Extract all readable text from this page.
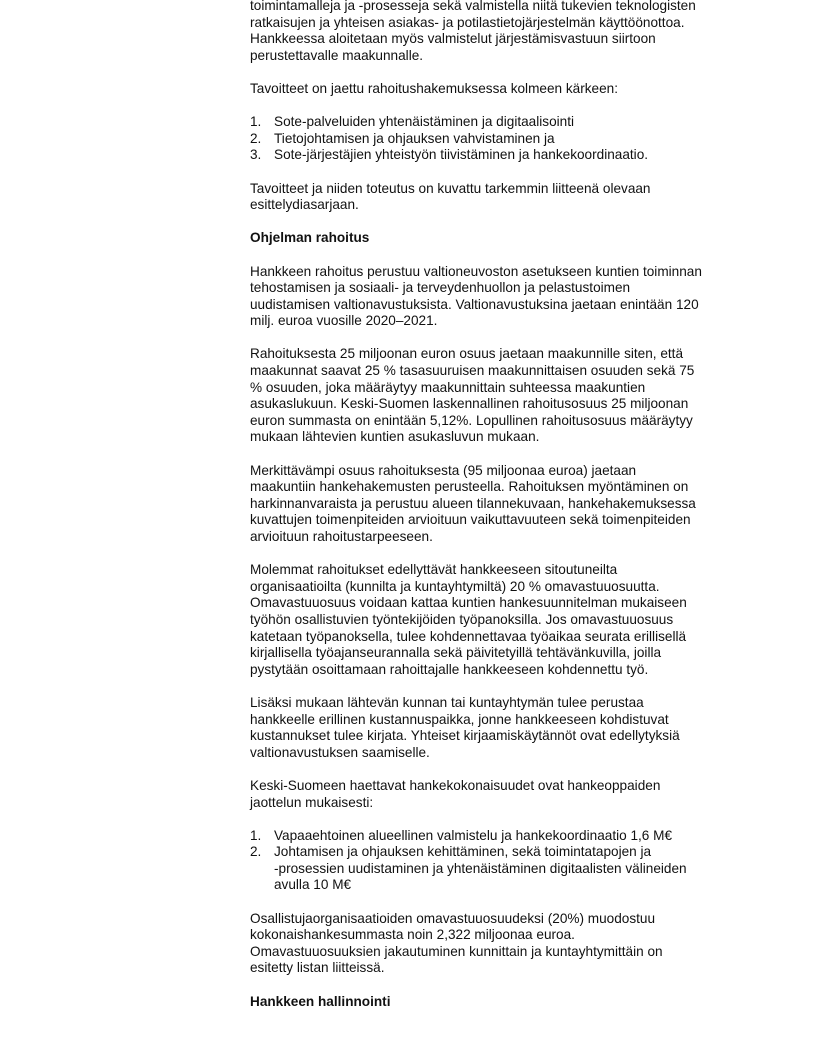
toimintamalleja ja -prosesseja sekä valmistella niitä tukevien teknologisten
ratkaisujen ja yhteisen asiakas- ja potilastietojärjestelmän käyttöönottoa.
Hankkeessa aloitetaan myös valmistelut järjestämisvastuun siirtoon
perustettavalle maakunnalle.
Tavoitteet on jaettu rahoitushakemuksessa kolmeen kärkeen:
1. Sote-palveluiden yhtenäistäminen ja digitaalisointi
2. Tietojohtamisen ja ohjauksen vahvistaminen ja
3. Sote-järjestäjien yhteistyön tiivistäminen ja hankekoordinaatio.
Tavoitteet ja niiden toteutus on kuvattu tarkemmin liitteenä olevaan
esittelydiasarjaan.
Ohjelman rahoitus
Hankkeen rahoitus perustuu valtioneuvoston asetukseen kuntien toiminnan
tehostamisen ja sosiaali- ja terveydenhuollon ja pelastustoimen
uudistamisen valtionavustuksista. Valtionavustuksina jaetaan enintään 120
milj. euroa vuosille 2020–2021.
Rahoituksesta 25 miljoonan euron osuus jaetaan maakunnille siten, että
maakunnat saavat 25 % tasasuuruisen maakunnittaisen osuuden sekä 75
% osuuden, joka määräytyy maakunnittain suhteessa maakuntien
asukaslukuun. Keski-Suomen laskennallinen rahoitusosuus 25 miljoonan
euron summasta on enintään 5,12%. Lopullinen rahoitusosuus määräytyy
mukaan lähtevien kuntien asukasluvun mukaan.
Merkittävämpi osuus rahoituksesta (95 miljoonaa euroa) jaetaan
maakuntiin hankehakemusten perusteella. Rahoituksen myöntäminen on
harkinnanvaraista ja perustuu alueen tilannekuvaan, hankehakemuksessa
kuvattujen toimenpiteiden arvioituun vaikuttavuuteen sekä toimenpiteiden
arvioituun rahoitustarpeeseen.
Molemmat rahoitukset edellyttävät hankkeeseen sitoutuneilta
organisaatioilta (kunnilta ja kuntayhtymiltä) 20 % omavastuuosuutta.
Omavastuuosuus voidaan kattaa kuntien hankesuunnitelman mukaiseen
työhön osallistuvien työntekijöiden työpanoksilla. Jos omavastuuosuus
katetaan työpanoksella, tulee kohdennettavaa työaikaa seurata erillisellä
kirjallisella työajanseurannalla sekä päivitetyillä tehtävänkuvilla, joilla
pystytään osoittamaan rahoittajalle hankkeeseen kohdennettu työ.
Lisäksi mukaan lähtevän kunnan tai kuntayhtymän tulee perustaa
hankkeelle erillinen kustannuspaikka, jonne hankkeeseen kohdistuvat
kustannukset tulee kirjata. Yhteiset kirjaamiskäytännöt ovat edellytyksiä
valtionavustuksen saamiselle.
Keski-Suomeen haettavat hankekokonaisuudet ovat hankeoppaiden
jaottelun mukaisesti:
1. Vapaaehtoinen alueellinen valmistelu ja hankekoordinaatio 1,6 M€
2. Johtamisen ja ohjauksen kehittäminen, sekä toimintatapojen ja
-prosessien uudistaminen ja yhtenäistäminen digitaalisten välineiden
avulla 10 M€
Osallistujaorganisaatioiden omavastuuosuudeksi (20%) muodostuu
kokonaishankesummasta noin 2,322 miljoonaa euroa.
Omavastuuosuuksien jakautuminen kunnittain ja kuntayhtymittäin on
esitetty listan liitteissä.
Hankkeen hallinnointi
